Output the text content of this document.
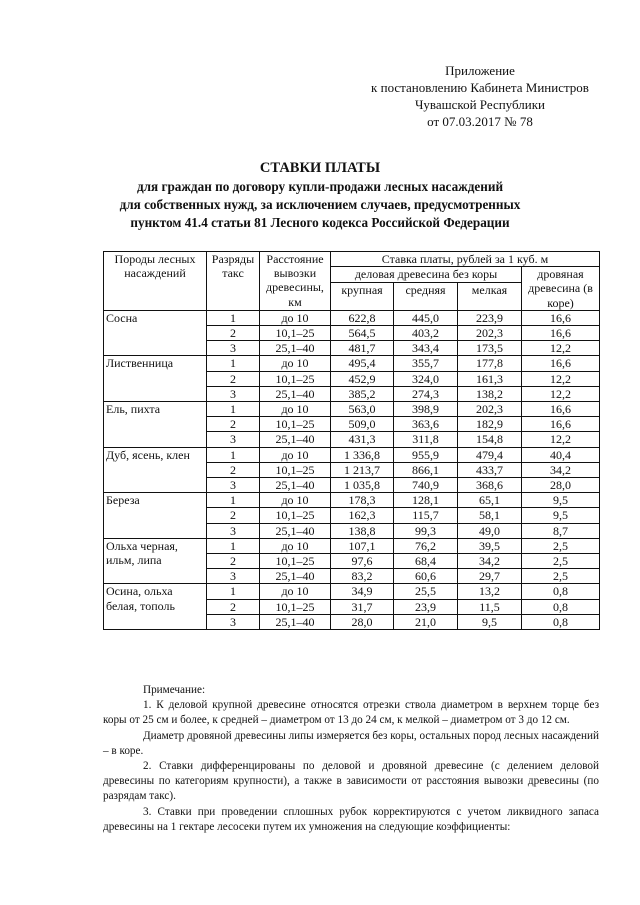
Приложение
к постановлению Кабинета Министров
Чувашской Республики
от 07.03.2017 № 78
СТАВКИ ПЛАТЫ
для граждан по договору купли-продажи лесных насаждений
для собственных нужд, за исключением случаев, предусмотренных
пунктом 41.4 статьи 81 Лесного кодекса Российской Федерации
Породы лесных насаждений	Разряды такс	Расстояние вывозки древесины, км	Ставка платы, рублей за 1 куб. м			
			деловая древесина без коры			дровяная древесина (в коре)
			крупная	средняя	мелкая	
Сосна	1	до 10	622,8	445,0	223,9	16,6
	2	10,1–25	564,5	403,2	202,3	16,6
	3	25,1–40	481,7	343,4	173,5	12,2
Лиственница	1	до 10	495,4	355,7	177,8	16,6
	2	10,1–25	452,9	324,0	161,3	12,2
	3	25,1–40	385,2	274,3	138,2	12,2
Ель, пихта	1	до 10	563,0	398,9	202,3	16,6
	2	10,1–25	509,0	363,6	182,9	16,6
	3	25,1–40	431,3	311,8	154,8	12,2
Дуб, ясень, клен	1	до 10	1 336,8	955,9	479,4	40,4
	2	10,1–25	1 213,7	866,1	433,7	34,2
	3	25,1–40	1 035,8	740,9	368,6	28,0
Береза	1	до 10	178,3	128,1	65,1	9,5
	2	10,1–25	162,3	115,7	58,1	9,5
	3	25,1–40	138,8	99,3	49,0	8,7
Ольха черная, ильм, липа	1	до 10	107,1	76,2	39,5	2,5
	2	10,1–25	97,6	68,4	34,2	2,5
	3	25,1–40	83,2	60,6	29,7	2,5
Осина, ольха белая, тополь	1	до 10	34,9	25,5	13,2	0,8
	2	10,1–25	31,7	23,9	11,5	0,8
	3	25,1–40	28,0	21,0	9,5	0,8

Примечание:

1. К деловой крупной древесине относятся отрезки ствола диаметром в верхнем торце без коры от 25 см и более, к средней – диаметром от 13 до 24 см, к мелкой – диаметром от 3 до 12 см.

Диаметр дровяной древесины липы измеряется без коры, остальных пород лесных насаждений – в коре.

2. Ставки дифференцированы по деловой и дровяной древесине (с делением деловой древесины по категориям крупности), а также в зависимости от расстояния вывозки древесины (по разрядам такс).

3. Ставки при проведении сплошных рубок корректируются с учетом ликвидного запаса древесины на 1 гектаре лесосеки путем их умножения на следующие коэффициенты:
